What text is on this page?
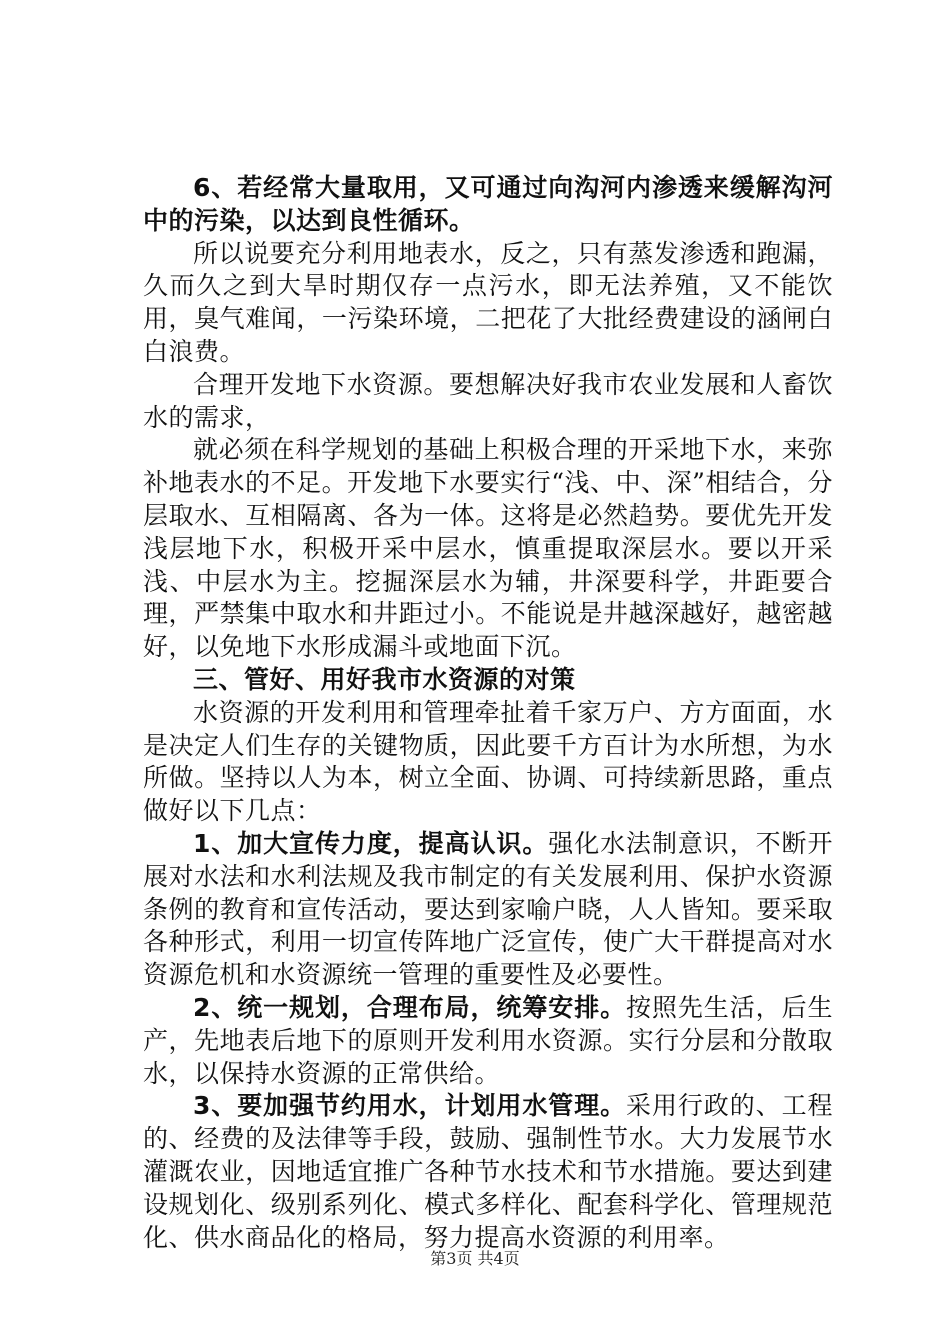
6、若经常大量取用，又可通过向沟河内渗透来缓解沟河中的污染，以达到良性循环。

所以说要充分利用地表水，反之，只有蒸发渗透和跑漏，久而久之到大旱时期仅存一点污水，即无法养殖，又不能饮用，臭气难闻，一污染环境，二把花了大批经费建设的涵闸白白浪费。

合理开发地下水资源。要想解决好我市农业发展和人畜饮水的需求，

就必须在科学规划的基础上积极合理的开采地下水，来弥补地表水的不足。开发地下水要实行“浅、中、深”相结合，分层取水、互相隔离、各为一体。这将是必然趋势。要优先开发浅层地下水，积极开采中层水，慎重提取深层水。要以开采浅、中层水为主。挖掘深层水为辅，井深要科学，井距要合理，严禁集中取水和井距过小。不能说是井越深越好，越密越好，以免地下水形成漏斗或地面下沉。

三、管好、用好我市水资源的对策

水资源的开发利用和管理牵扯着千家万户、方方面面，水是决定人们生存的关键物质，因此要千方百计为水所想，为水所做。坚持以人为本，树立全面、协调、可持续新思路，重点做好以下几点：

1、加大宣传力度，提高认识。强化水法制意识，不断开展对水法和水利法规及我市制定的有关发展利用、保护水资源条例的教育和宣传活动，要达到家喻户晓，人人皆知。要采取各种形式，利用一切宣传阵地广泛宣传，使广大干群提高对水资源危机和水资源统一管理的重要性及必要性。

2、统一规划，合理布局，统筹安排。按照先生活，后生产，先地表后地下的原则开发利用水资源。实行分层和分散取水，以保持水资源的正常供给。

3、要加强节约用水，计划用水管理。采用行政的、工程的、经费的及法律等手段，鼓励、强制性节水。大力发展节水灌溉农业，因地适宜推广各种节水技术和节水措施。要达到建设规划化、级别系列化、模式多样化、配套科学化、管理规范化、供水商品化的格局，努力提高水资源的利用率。

第3页 共4页
